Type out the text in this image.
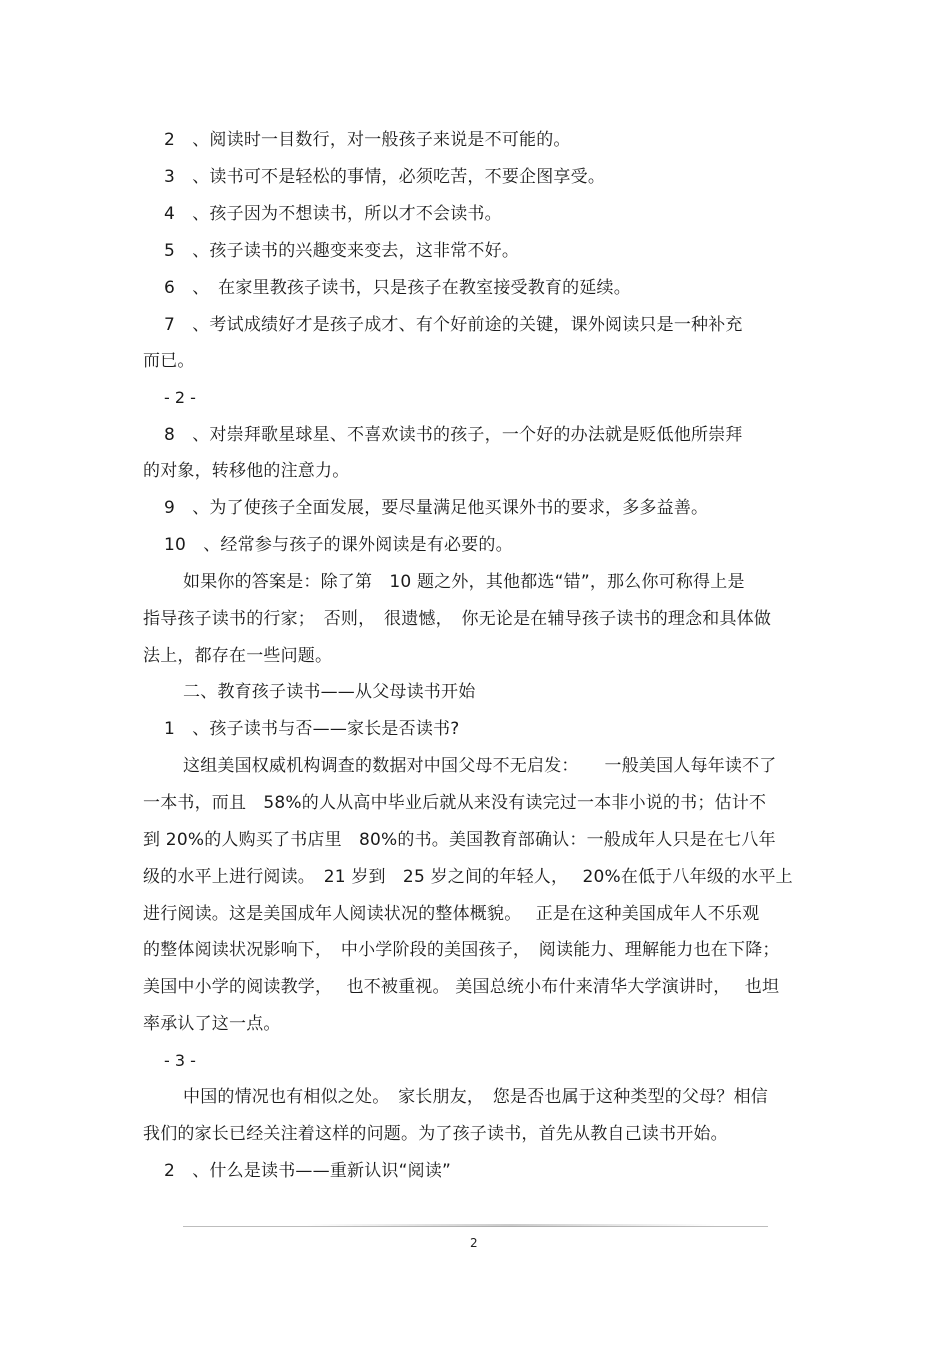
2　、阅读时一目数行，对一般孩子来说是不可能的。
3　、读书可不是轻松的事情，必须吃苦，不要企图享受。
4　、孩子因为不想读书，所以才不会读书。
5　、孩子读书的兴趣变来变去，这非常不好。
6　、　在家里教孩子读书，只是孩子在教室接受教育的延续。
7　、考试成绩好才是孩子成才、有个好前途的关键，课外阅读只是一种补充
而已。
- 2 -
8　、对崇拜歌星球星、不喜欢读书的孩子，一个好的办法就是贬低他所崇拜
的对象，转移他的注意力。
9　、为了使孩子全面发展，要尽量满足他买课外书的要求，多多益善。
10　、经常参与孩子的课外阅读是有必要的。
如果你的答案是：除了第　10 题之外，其他都选“错”，那么你可称得上是
指导孩子读书的行家；　否则，　很遗憾，　你无论是在辅导孩子读书的理念和具体做
法上，都存在一些问题。
二、教育孩子读书——从父母读书开始
1　、孩子读书与否——家长是否读书?
这组美国权威机构调查的数据对中国父母不无启发：　　一般美国人每年读不了
一本书，而且　58%的人从高中毕业后就从来没有读完过一本非小说的书；估计不
到 20%的人购买了书店里　80%的书。美国教育部确认：一般成年人只是在七八年
级的水平上进行阅读。　21 岁到　25 岁之间的年轻人，　 20%在低于八年级的水平上
进行阅读。这是美国成年人阅读状况的整体概貌。　 正是在这种美国成年人不乐观
的整体阅读状况影响下，　中小学阶段的美国孩子，　阅读能力、理解能力也在下降；
美国中小学的阅读教学，　 也不被重视。 美国总统小布什来清华大学演讲时，　 也坦
率承认了这一点。
- 3 -
中国的情况也有相似之处。　家长朋友，　您是否也属于这种类型的父母？相信
我们的家长已经关注着这样的问题。为了孩子读书，首先从教自己读书开始。
2　、什么是读书——重新认识“阅读”
2
